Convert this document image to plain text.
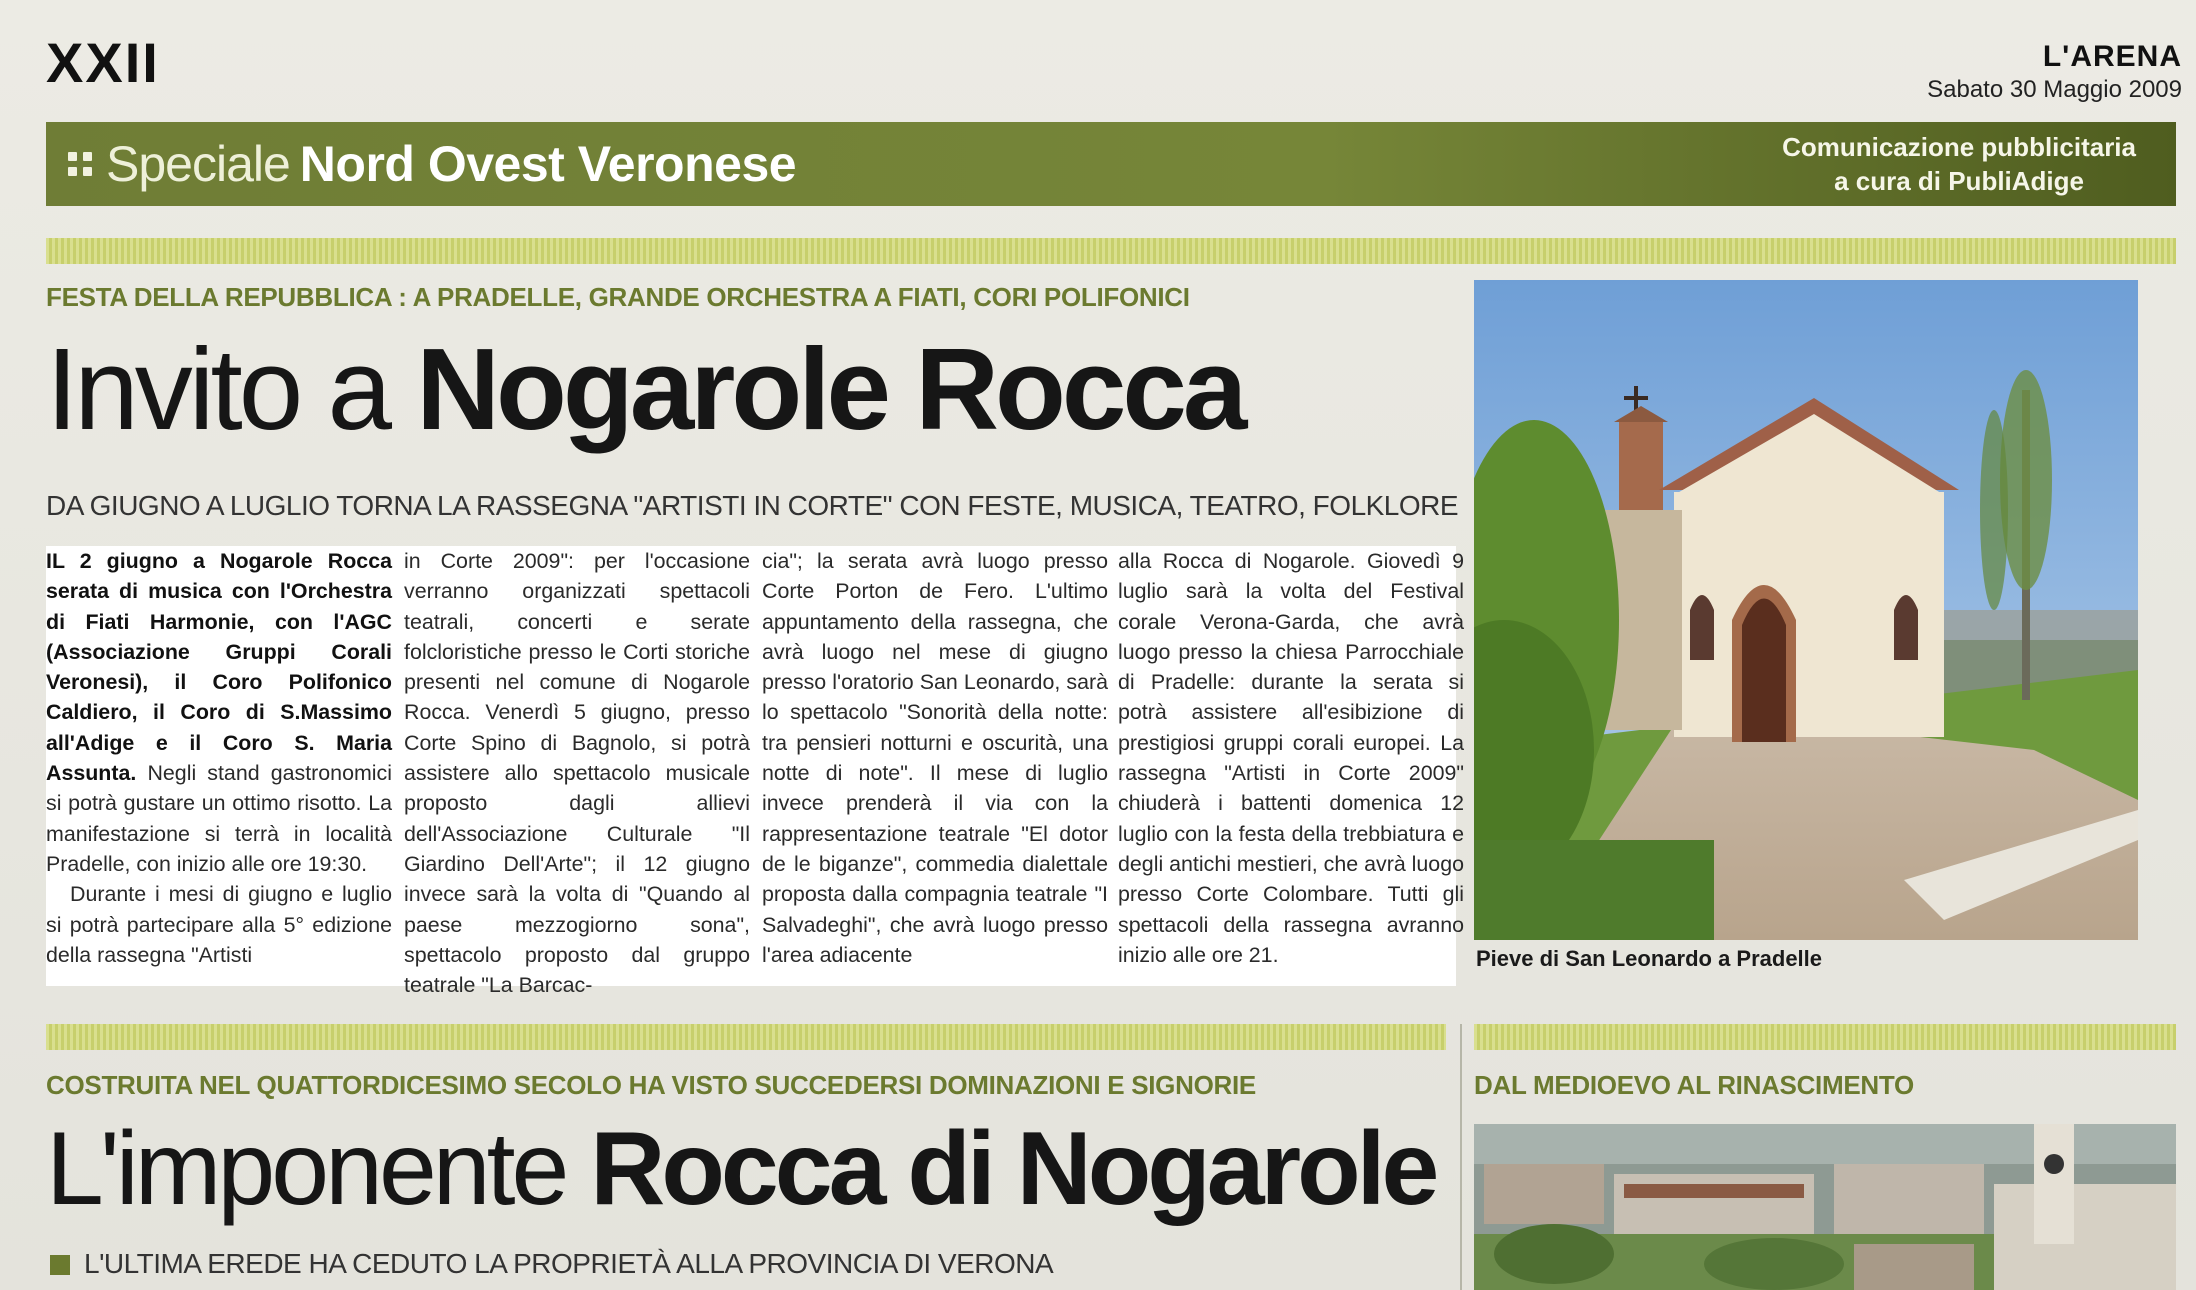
XXII	L'ARENA
Sabato 30 Maggio 2009
Speciale Nord Ovest Veronese	Comunicazione pubblicitaria
a cura di PubliAdige
FESTA DELLA REPUBBLICA : A PRADELLE, GRANDE ORCHESTRA A FIATI, CORI POLIFONICI
Invito a Nogarole Rocca
DA GIUGNO A LUGLIO TORNA LA RASSEGNA "ARTISTI IN CORTE" CON FESTE, MUSICA, TEATRO, FOLKLORE

IL 2 giugno a Nogarole Rocca serata di musica con l'Orchestra di Fiati Harmonie, con l'AGC (Associazione Gruppi Corali Veronesi), il Coro Polifonico Caldiero, il Coro di S.Massimo all'Adige e il Coro S. Maria Assunta. Negli stand gastronomici si potrà gustare un ottimo risotto. La manifestazione si terrà in località Pradelle, con inizio alle ore 19:30.

Durante i mesi di giugno e luglio si potrà partecipare alla 5° edizione della rassegna "Artisti

in Corte 2009": per l'occasione verranno organizzati spettacoli teatrali, concerti e serate folcloristiche presso le Corti storiche presenti nel comune di Nogarole Rocca. Venerdì 5 giugno, presso Corte Spino di Bagnolo, si potrà assistere allo spettacolo musicale proposto dagli allievi dell'Associazione Culturale "Il Giardino Dell'Arte"; il 12 giugno invece sarà la volta di "Quando al paese mezzogiorno sona", spettacolo proposto dal gruppo teatrale "La Barcac-

cia"; la serata avrà luogo presso Corte Porton de Fero. L'ultimo appuntamento della rassegna, che avrà luogo nel mese di giugno presso l'oratorio San Leonardo, sarà lo spettacolo "Sonorità della notte: tra pensieri notturni e oscurità, una notte di note". Il mese di luglio invece prenderà il via con la rappresentazione teatrale "El dotor de le biganze", commedia dialettale proposta dalla compagnia teatrale "I Salvadeghi", che avrà luogo presso l'area adiacente

alla Rocca di Nogarole. Giovedì 9 luglio sarà la volta del Festival corale Verona-Garda, che avrà luogo presso la chiesa Parrocchiale di Pradelle: durante la serata si potrà assistere all'esibizione di prestigiosi gruppi corali europei. La rassegna "Artisti in Corte 2009" chiuderà i battenti domenica 12 luglio con la festa della trebbiatura e degli antichi mestieri, che avrà luogo presso Corte Colombare. Tutti gli spettacoli della rassegna avranno inizio alle ore 21.	Pieve di San Leonardo a Pradelle
COSTRUITA NEL QUATTORDICESIMO SECOLO HA VISTO SUCCEDERSI DOMINAZIONI E SIGNORIE
L'imponente Rocca di Nogarole
L'ULTIMA EREDE HA CEDUTO LA PROPRIETÀ ALLA PROVINCIA DI VERONA
DAL MEDIOEVO AL RINASCIMENTO
